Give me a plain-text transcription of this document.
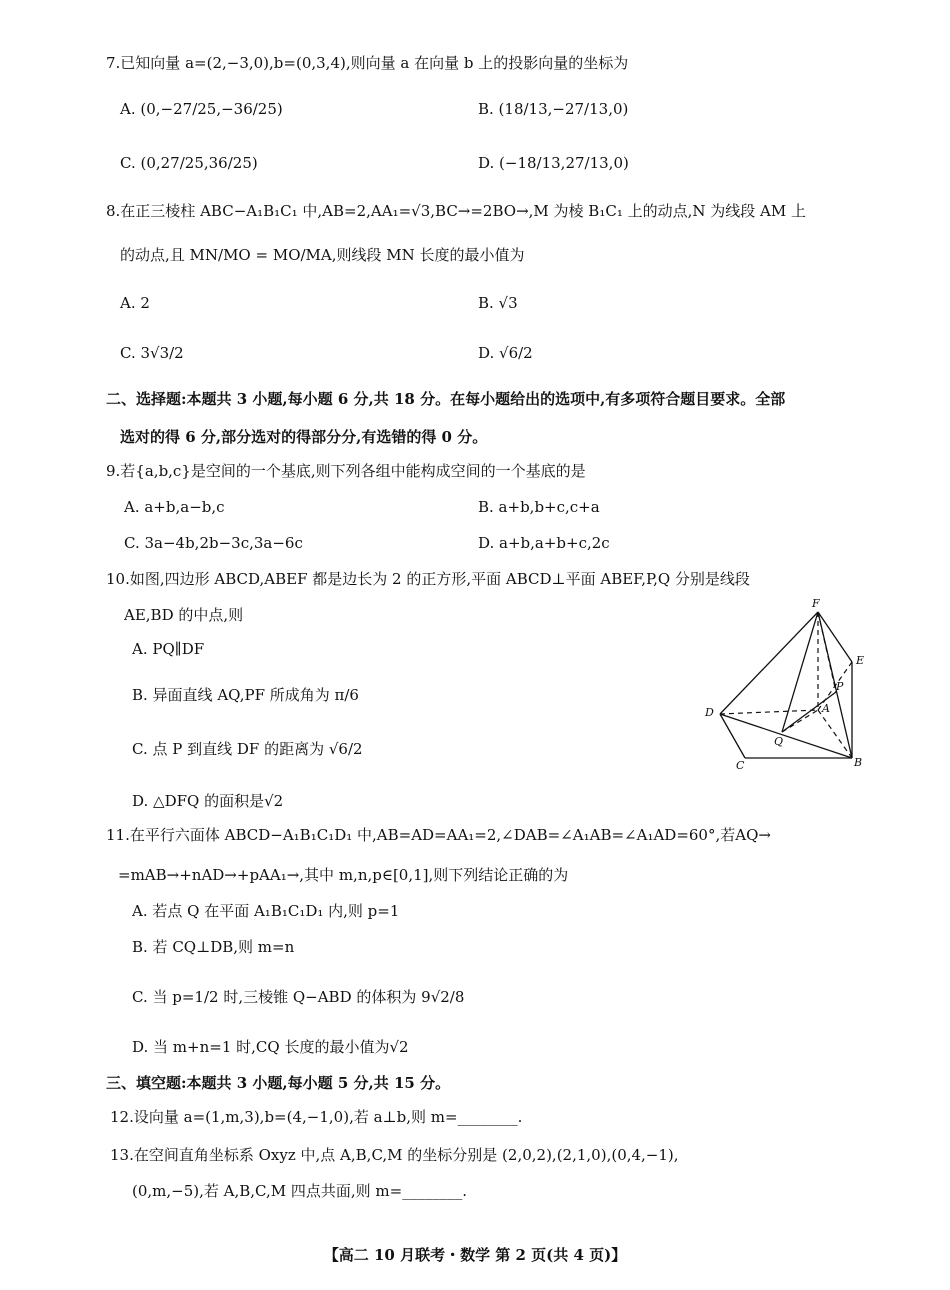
7.已知向量 a=(2,−3,0),b=(0,3,4),则向量 a 在向量 b 上的投影向量的坐标为
A. (0,−27/25,−36/25)	B. (18/13,−27/13,0)
C. (0,27/25,36/25)	D. (−18/13,27/13,0)
8.在正三棱柱 ABC−A₁B₁C₁ 中,AB=2,AA₁=√3,BC→=2BO→,M 为棱 B₁C₁ 上的动点,N 为线段 AM 上
的动点,且 MN/MO = MO/MA,则线段 MN 长度的最小值为
A. 2	B. √3
C. 3√3/2	D. √6/2
二、选择题:本题共 3 小题,每小题 6 分,共 18 分。在每小题给出的选项中,有多项符合题目要求。全部
选对的得 6 分,部分选对的得部分分,有选错的得 0 分。
9.若{a,b,c}是空间的一个基底,则下列各组中能构成空间的一个基底的是
A. a+b,a−b,c	B. a+b,b+c,c+a
C. 3a−4b,2b−3c,3a−6c	D. a+b,a+b+c,2c
10.如图,四边形 ABCD,ABEF 都是边长为 2 的正方形,平面 ABCD⊥平面 ABEF,P,Q 分别是线段
AE,BD 的中点,则
A. PQ∥DF
B. 异面直线 AQ,PF 所成角为 π/6
C. 点 P 到直线 DF 的距离为 √6/2
D. △DFQ 的面积是√2
F
E
D
P
A
Q
C	B
11.在平行六面体 ABCD−A₁B₁C₁D₁ 中,AB=AD=AA₁=2,∠DAB=∠A₁AB=∠A₁AD=60°,若AQ→
=mAB→+nAD→+pAA₁→,其中 m,n,p∈[0,1],则下列结论正确的为
A. 若点 Q 在平面 A₁B₁C₁D₁ 内,则 p=1
B. 若 CQ⊥DB,则 m=n
C. 当 p=1/2 时,三棱锥 Q−ABD 的体积为 9√2/8
D. 当 m+n=1 时,CQ 长度的最小值为√2
三、填空题:本题共 3 小题,每小题 5 分,共 15 分。
12.设向量 a=(1,m,3),b=(4,−1,0),若 a⊥b,则 m=________.
13.在空间直角坐标系 Oxyz 中,点 A,B,C,M 的坐标分别是 (2,0,2),(2,1,0),(0,4,−1),
(0,m,−5),若 A,B,C,M 四点共面,则 m=________.
【高二 10 月联考・数学 第 2 页(共 4 页)】
